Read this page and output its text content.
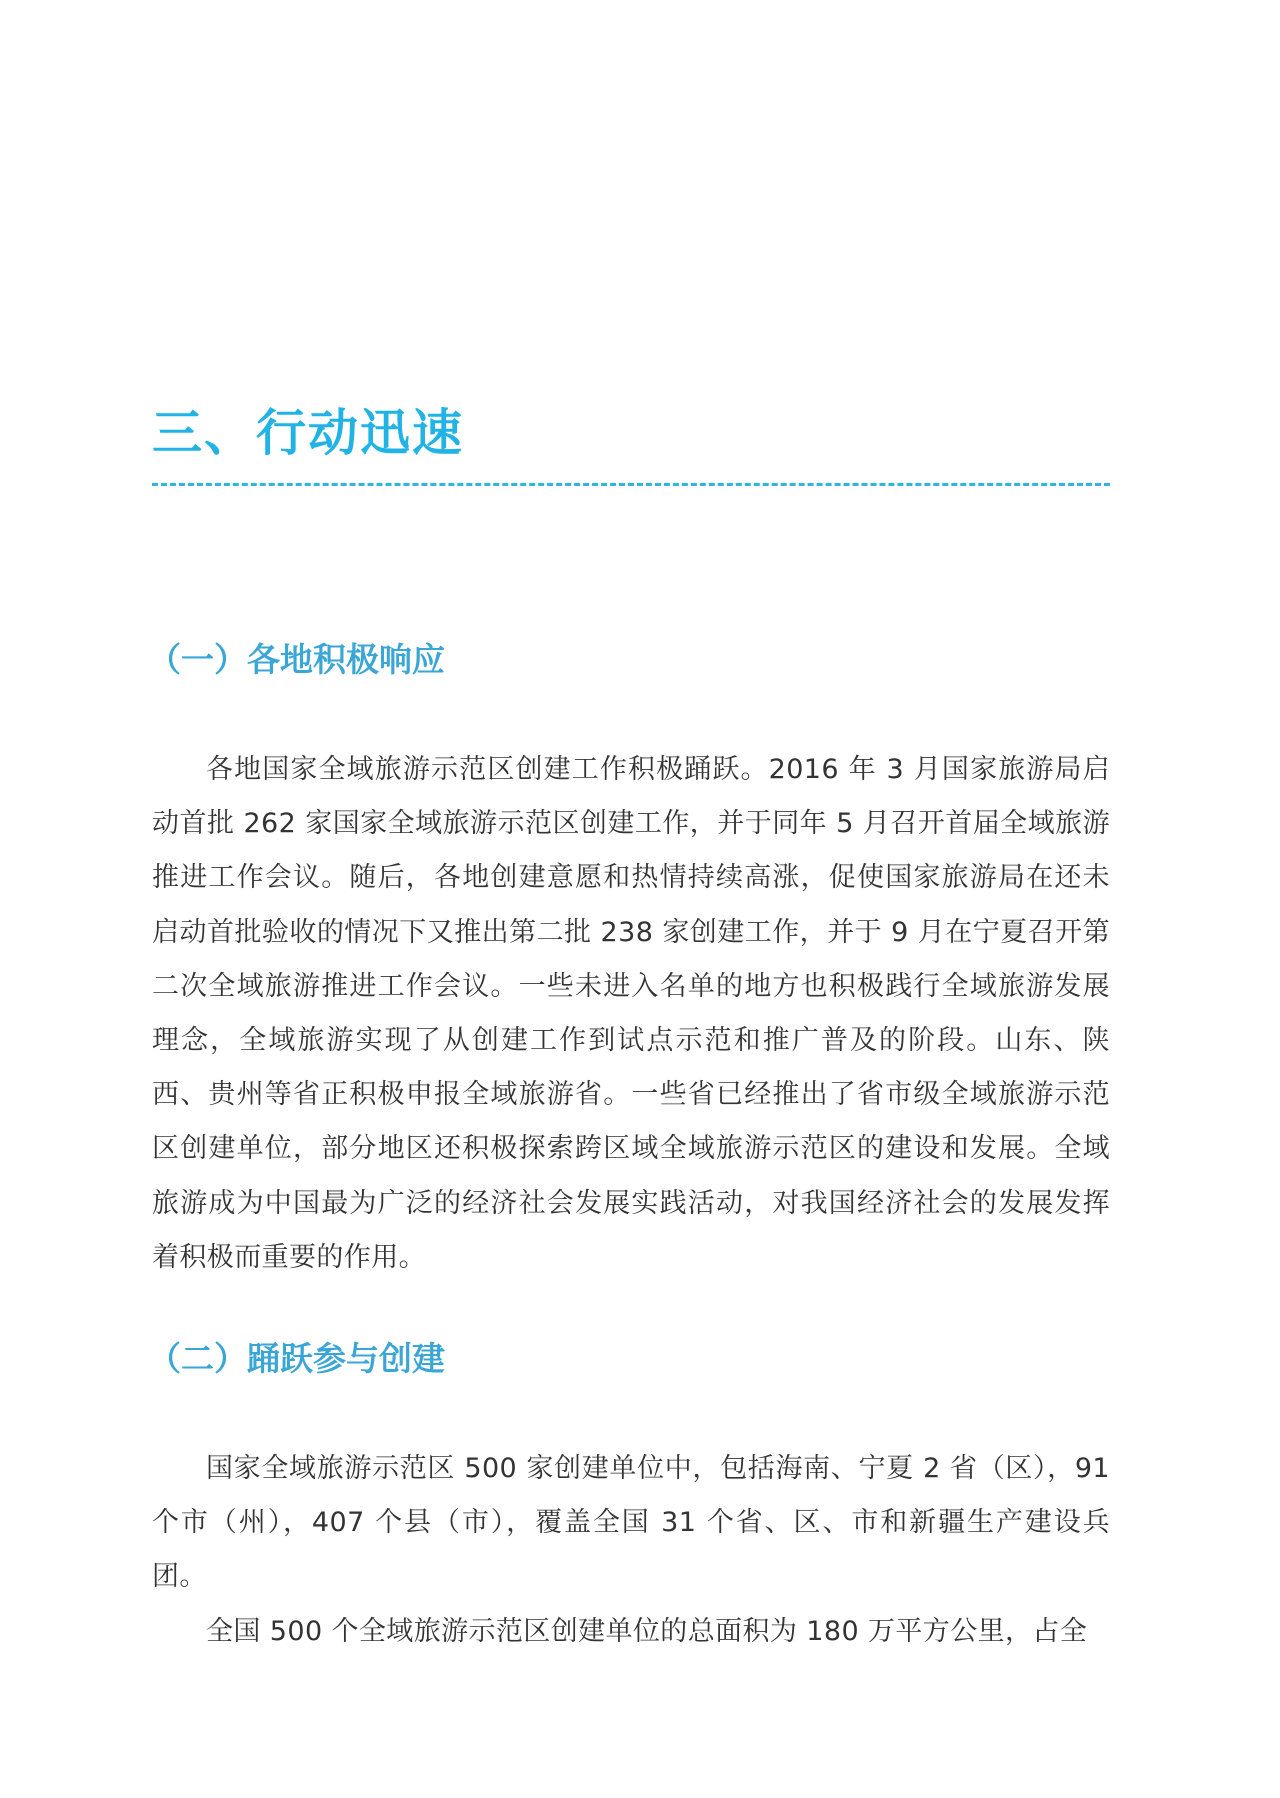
三、行动迅速
（一）各地积极响应

各地国家全域旅游示范区创建工作积极踊跃。2016 年 3 月国家旅游局启动首批 262 家国家全域旅游示范区创建工作，并于同年 5 月召开首届全域旅游推进工作会议。随后，各地创建意愿和热情持续高涨，促使国家旅游局在还未启动首批验收的情况下又推出第二批 238 家创建工作，并于 9 月在宁夏召开第二次全域旅游推进工作会议。一些未进入名单的地方也积极践行全域旅游发展理念，全域旅游实现了从创建工作到试点示范和推广普及的阶段。山东、陕西、贵州等省正积极申报全域旅游省。一些省已经推出了省市级全域旅游示范区创建单位，部分地区还积极探索跨区域全域旅游示范区的建设和发展。全域旅游成为中国最为广泛的经济社会发展实践活动，对我国经济社会的发展发挥着积极而重要的作用。

（二）踊跃参与创建

国家全域旅游示范区 500 家创建单位中，包括海南、宁夏 2 省（区），91 个市（州），407 个县（市），覆盖全国 31 个省、区、市和新疆生产建设兵团。

全国 500 个全域旅游示范区创建单位的总面积为 180 万平方公里，占全
